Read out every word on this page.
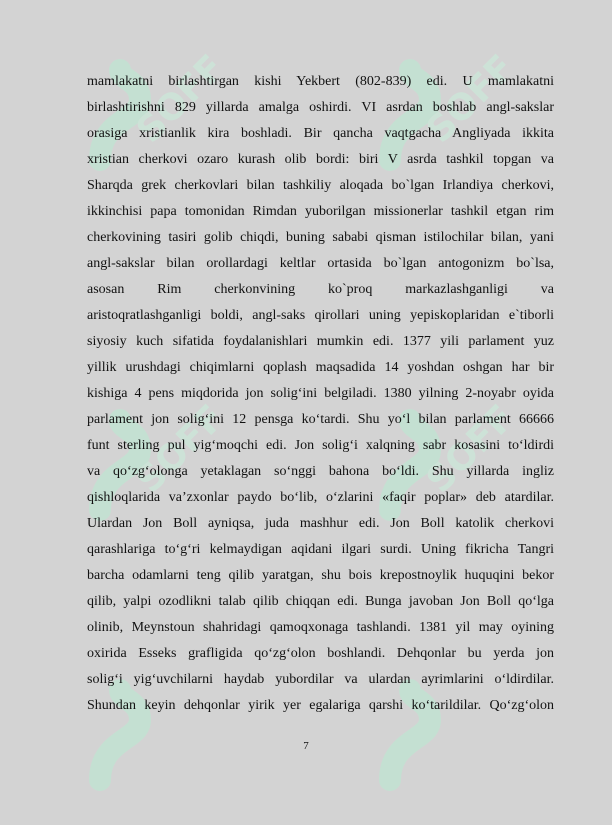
SOFF	SOFF
SOFF	SOFF
mamlakatni birlashtirgan kishi Yekbert (802-839) edi. U mamlakatni
birlashtirishni 829 yillarda amalga oshirdi. VI asrdan boshlab angl-sakslar
orasiga xristianlik kira boshladi. Bir qancha vaqtgacha Angliyada ikkita
xristian cherkovi ozaro kurash olib bordi: biri V asrda tashkil topgan va
Sharqda grek cherkovlari bilan tashkiliy aloqada bo`lgan Irlandiya cherkovi,
ikkinchisi papa tomonidan Rimdan yuborilgan missionerlar tashkil etgan rim
cherkovining tasiri golib chiqdi, buning sababi qisman istilochilar bilan, yani
angl-sakslar bilan orollardagi keltlar ortasida bo`lgan antogonizm bo`lsa,
asosan Rim cherkonvining ko`proq markazlashganligi va
aristoqratlashganligi boldi, angl-saks qirollari uning yepiskoplaridan e`tiborli
siyosiy kuch sifatida foydalanishlari mumkin edi. 1377 yili parlament yuz
yillik urushdagi chiqimlarni qoplash maqsadida 14 yoshdan oshgan har bir
kishiga 4 pens miqdorida jon solig‘ini belgiladi. 1380 yilning 2-noyabr oyida
parlament jon solig‘ini 12 pensga ko‘tardi. Shu yo‘l bilan parlament 66666
funt sterling pul yig‘moqchi edi. Jon solig‘i xalqning sabr kosasini to‘ldirdi
va qo‘zg‘olonga yetaklagan so‘nggi bahona bo‘ldi. Shu yillarda ingliz
qishloqlarida va’zxonlar paydo bo‘lib, o‘zlarini «faqir poplar» deb atardilar.
Ulardan Jon Boll ayniqsa, juda mashhur edi. Jon Boll katolik cherkovi
qarashlariga to‘g‘ri kelmaydigan aqidani ilgari surdi. Uning fikricha Tangri
barcha odamlarni teng qilib yaratgan, shu bois krepostnoylik huquqini bekor
qilib, yalpi ozodlikni talab qilib chiqqan edi. Bunga javoban Jon Boll qo‘lga
olinib, Meynstoun shahridagi qamoqxonaga tashlandi. 1381 yil may oyining
oxirida Esseks grafligida qo‘zg‘olon boshlandi. Dehqonlar bu yerda jon
solig‘i yig‘uvchilarni haydab yubordilar va ulardan ayrimlarini o‘ldirdilar.
Shundan keyin dehqonlar yirik yer egalariga qarshi ko‘tarildilar. Qo‘zg‘olon
7
